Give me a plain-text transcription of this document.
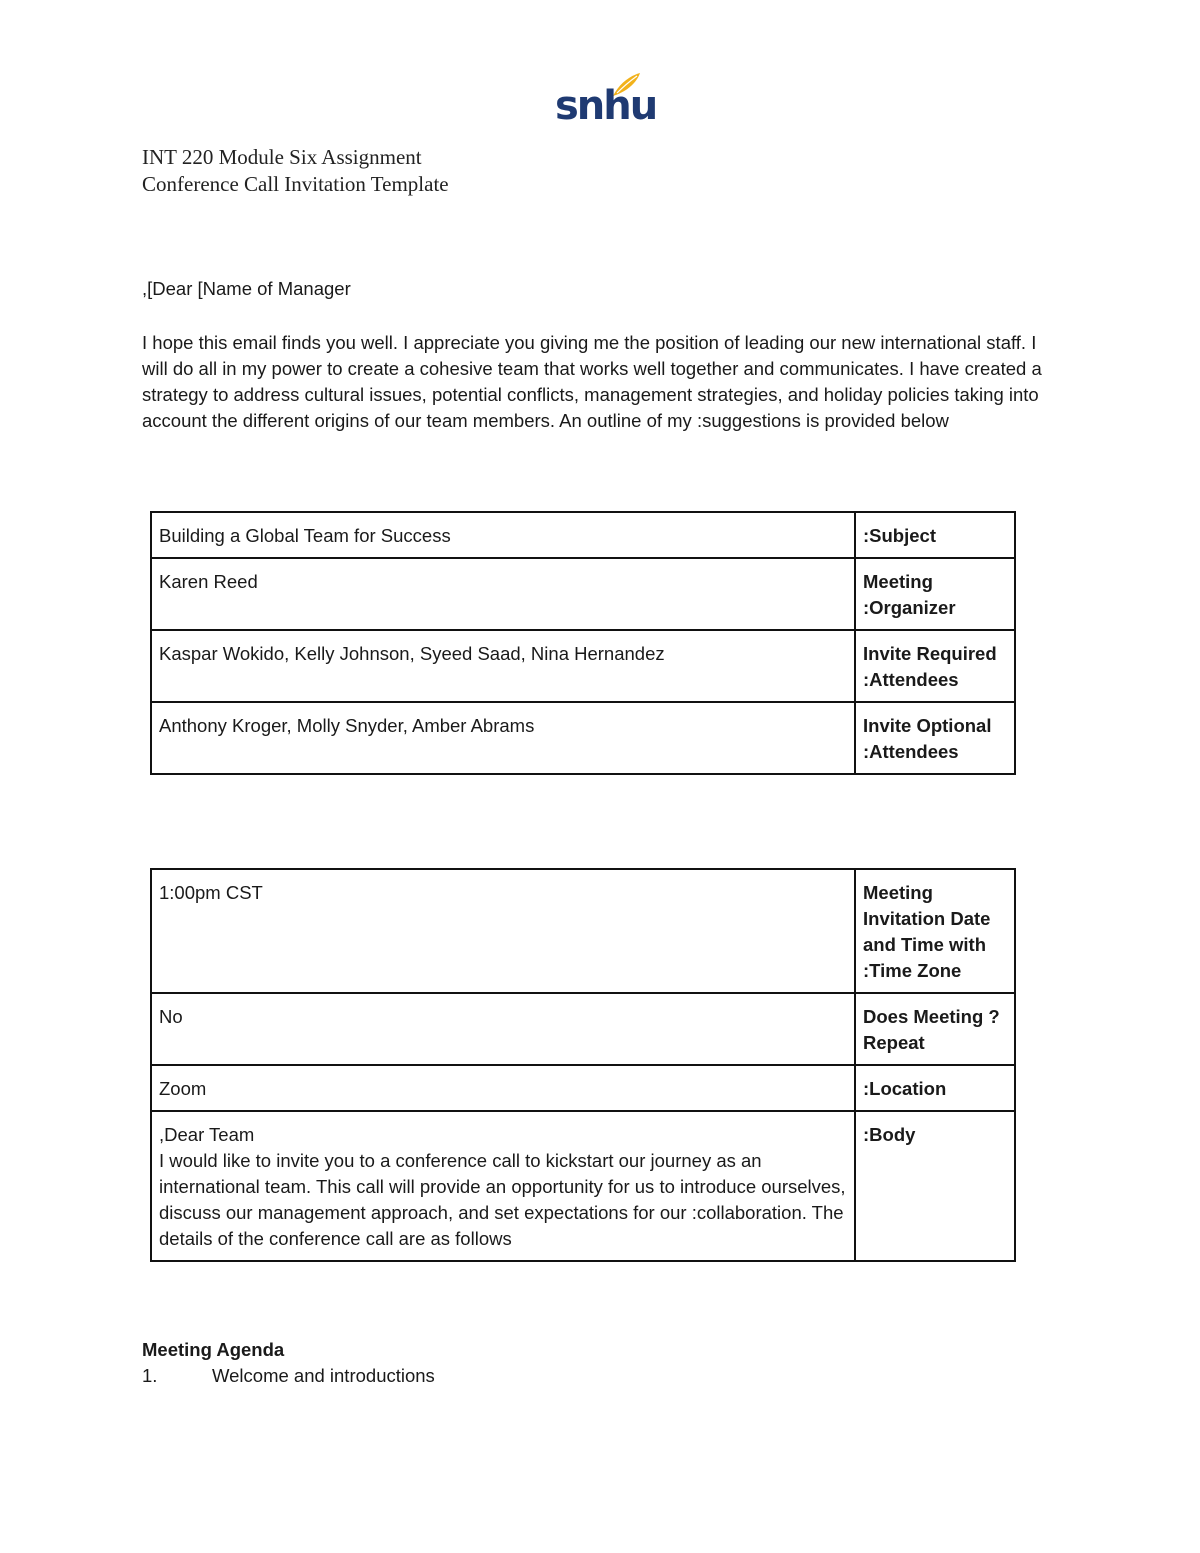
snhu
INT 220 Module Six Assignment
Conference Call Invitation Template
,[Dear [Name of Manager
I hope this email finds you well. I appreciate you giving me the position of leading our new international staff. I will do all in my power to create a cohesive team that works well together and communicates. I have created a strategy to address cultural issues, potential conflicts, management strategies, and holiday policies taking into account the different origins of our team members. An outline of my :suggestions is provided below
Building a Global Team for Success	:Subject
Karen Reed	Meeting :Organizer
Kaspar Wokido, Kelly Johnson, Syeed Saad, Nina Hernandez	Invite Required :Attendees
Anthony Kroger, Molly Snyder, Amber Abrams	Invite Optional :Attendees
1:00pm CST	Meeting Invitation Date and Time with :Time Zone
No	Does Meeting ?Repeat
Zoom	:Location

,Dear Team
I would like to invite you to a conference call to kickstart our journey as an international team. This call will provide an opportunity for us to introduce ourselves, discuss our management approach, and set expectations for our :collaboration. The details of the conference call are as follows	:Body
Meeting Agenda
1.	Welcome and introductions
